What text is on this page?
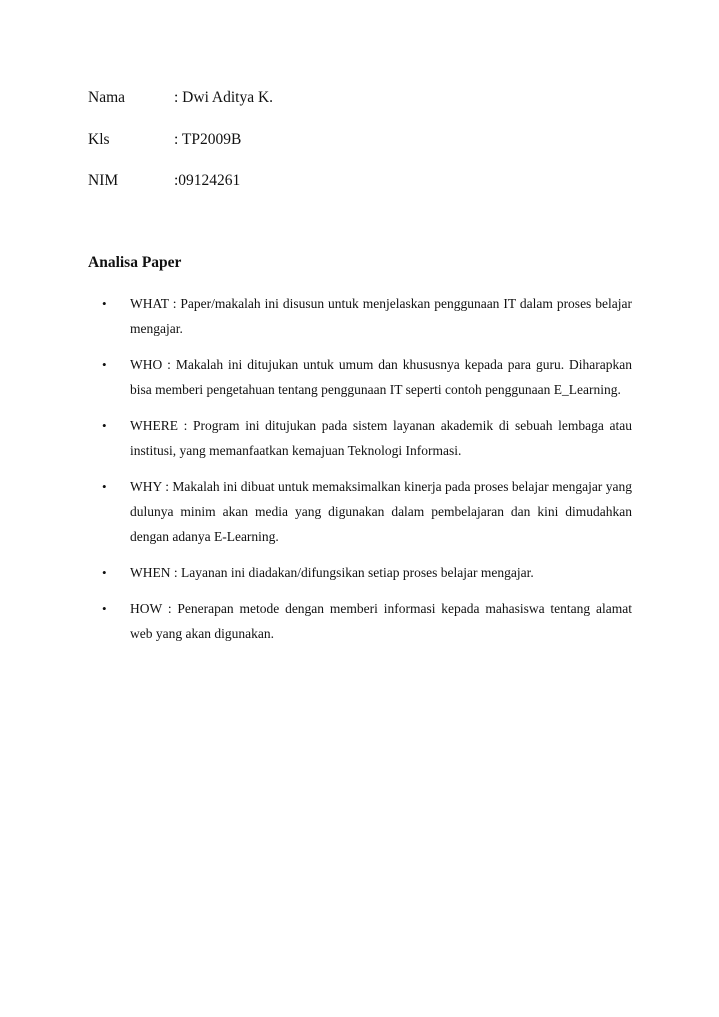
Nama	: Dwi Aditya K.
Kls	: TP2009B
NIM	:09124261
Analisa Paper
• WHAT : Paper/makalah ini disusun untuk menjelaskan penggunaan IT dalam proses belajar mengajar.
• WHO : Makalah ini ditujukan untuk umum dan khususnya kepada para guru. Diharapkan bisa memberi pengetahuan tentang penggunaan IT seperti contoh penggunaan E_Learning.
• WHERE : Program ini ditujukan pada sistem layanan akademik di sebuah lembaga atau institusi, yang memanfaatkan kemajuan Teknologi Informasi.
• WHY : Makalah ini dibuat untuk memaksimalkan kinerja pada proses belajar mengajar yang dulunya minim akan media yang digunakan dalam pembelajaran dan kini dimudahkan dengan adanya E-Learning.
• WHEN : Layanan ini diadakan/difungsikan setiap proses belajar mengajar.
• HOW : Penerapan metode dengan memberi informasi kepada mahasiswa tentang alamat web yang akan digunakan.
